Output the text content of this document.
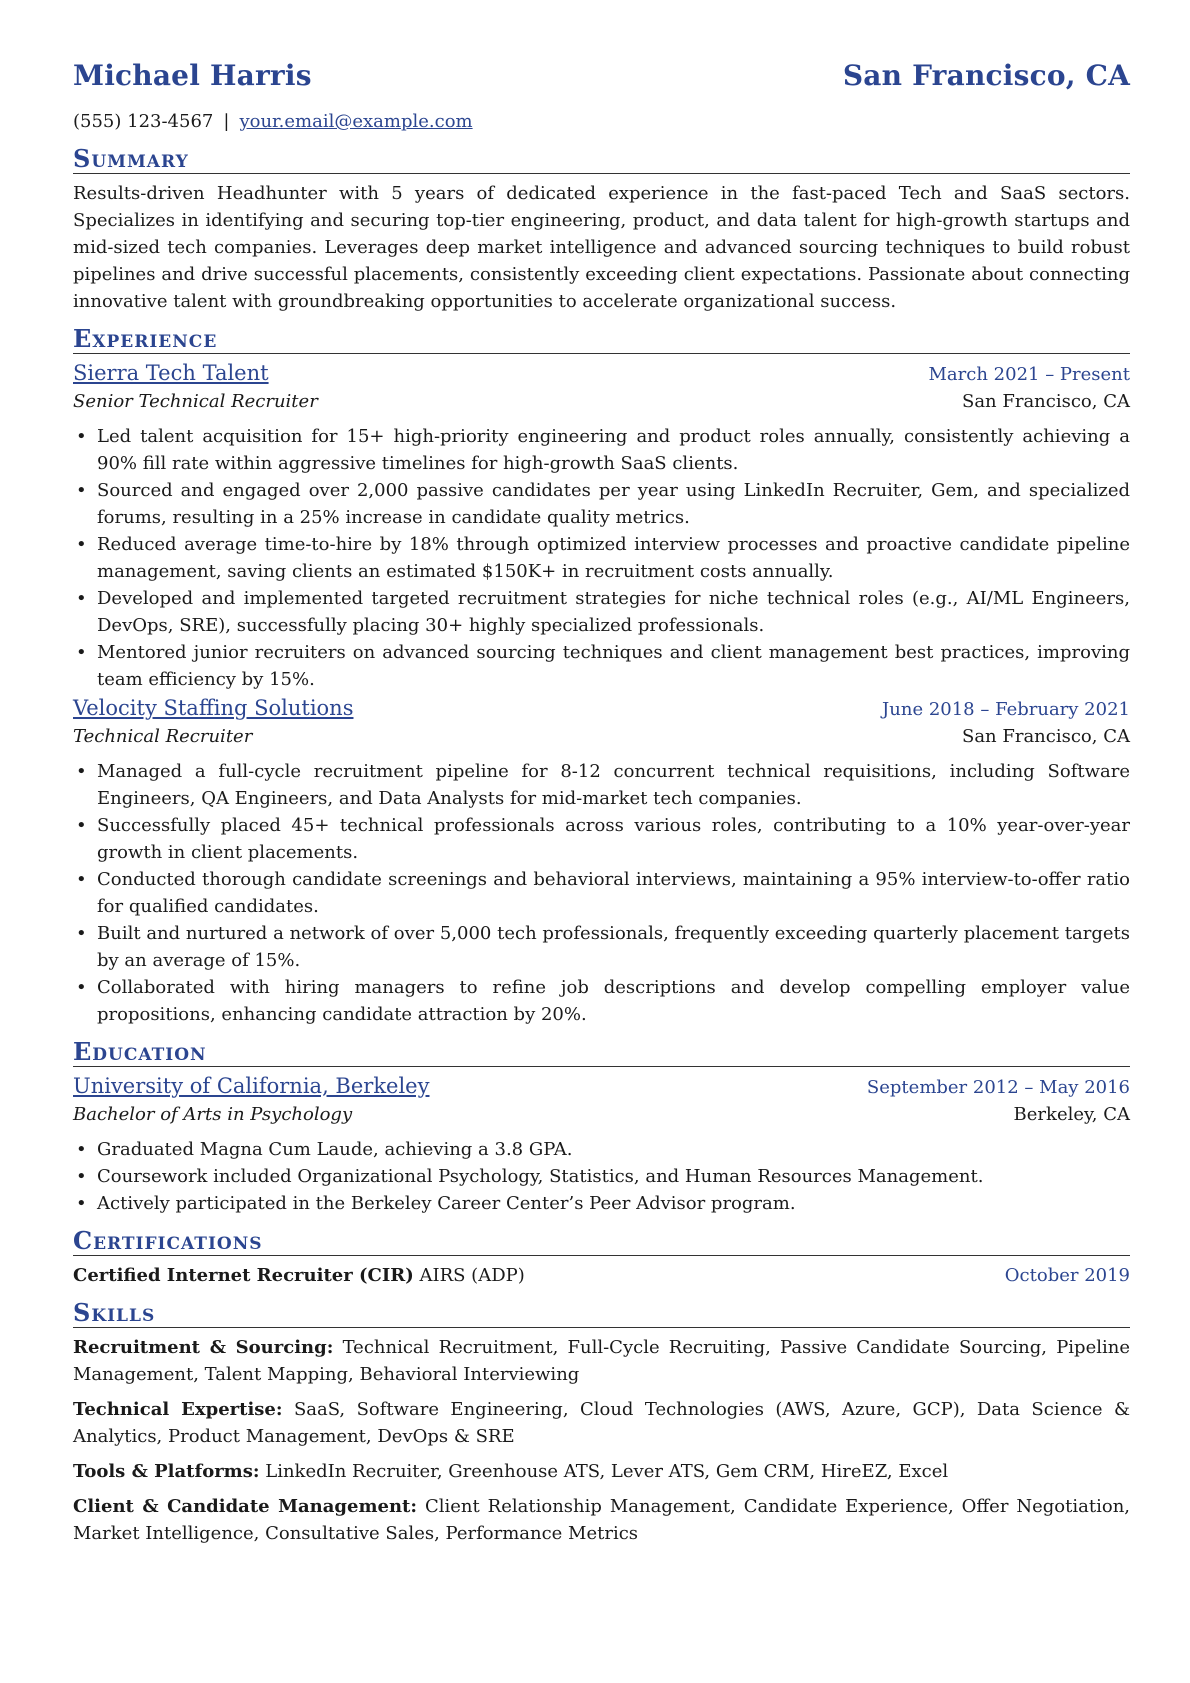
Michael Harris	San Francisco, CA
(555) 123-4567 | your.email@example.com
Summary

Results-driven Headhunter with 5 years of dedicated experience in the fast-paced Tech and SaaS sectors. Specializes in identifying and securing top-tier engineering, product, and data talent for high-growth startups and mid-sized tech companies. Leverages deep market intelligence and advanced sourcing techniques to build robust pipelines and drive successful placements, consistently exceeding client expectations. Passionate about connecting innovative talent with groundbreaking opportunities to accelerate organizational success.

Experience
Sierra Tech Talent	March 2021 – Present
Senior Technical Recruiter	San Francisco, CA
• Led talent acquisition for 15+ high-priority engineering and product roles annually, consistently achieving a 90% fill rate within aggressive timelines for high-growth SaaS clients.
• Sourced and engaged over 2,000 passive candidates per year using LinkedIn Recruiter, Gem, and specialized forums, resulting in a 25% increase in candidate quality metrics.
• Reduced average time-to-hire by 18% through optimized interview processes and proactive candidate pipeline management, saving clients an estimated $150K+ in recruitment costs annually.
• Developed and implemented targeted recruitment strategies for niche technical roles (e.g., AI/ML Engineers, DevOps, SRE), successfully placing 30+ highly specialized professionals.
• Mentored junior recruiters on advanced sourcing techniques and client management best practices, improving team efficiency by 15%.
Velocity Staffing Solutions	June 2018 – February 2021
Technical Recruiter	San Francisco, CA
• Managed a full-cycle recruitment pipeline for 8-12 concurrent technical requisitions, including Software Engineers, QA Engineers, and Data Analysts for mid-market tech companies.
• Successfully placed 45+ technical professionals across various roles, contributing to a 10% year-over-year growth in client placements.
• Conducted thorough candidate screenings and behavioral interviews, maintaining a 95% interview-to-offer ratio for qualified candidates.
• Built and nurtured a network of over 5,000 tech professionals, frequently exceeding quarterly placement targets by an average of 15%.
• Collaborated with hiring managers to refine job descriptions and develop compelling employer value propositions, enhancing candidate attraction by 20%.
Education
University of California, Berkeley	September 2012 – May 2016
Bachelor of Arts in Psychology	Berkeley, CA
• Graduated Magna Cum Laude, achieving a 3.8 GPA.
• Coursework included Organizational Psychology, Statistics, and Human Resources Management.
• Actively participated in the Berkeley Career Center’s Peer Advisor program.
Certifications
Certified Internet Recruiter (CIR) AIRS (ADP)	October 2019
Skills

Recruitment & Sourcing: Technical Recruitment, Full-Cycle Recruiting, Passive Candidate Sourcing, Pipeline Management, Talent Mapping, Behavioral Interviewing

Technical Expertise: SaaS, Software Engineering, Cloud Technologies (AWS, Azure, GCP), Data Science & Analytics, Product Management, DevOps & SRE

Tools & Platforms: LinkedIn Recruiter, Greenhouse ATS, Lever ATS, Gem CRM, HireEZ, Excel

Client & Candidate Management: Client Relationship Management, Candidate Experience, Offer Negotiation, Market Intelligence, Consultative Sales, Performance Metrics
